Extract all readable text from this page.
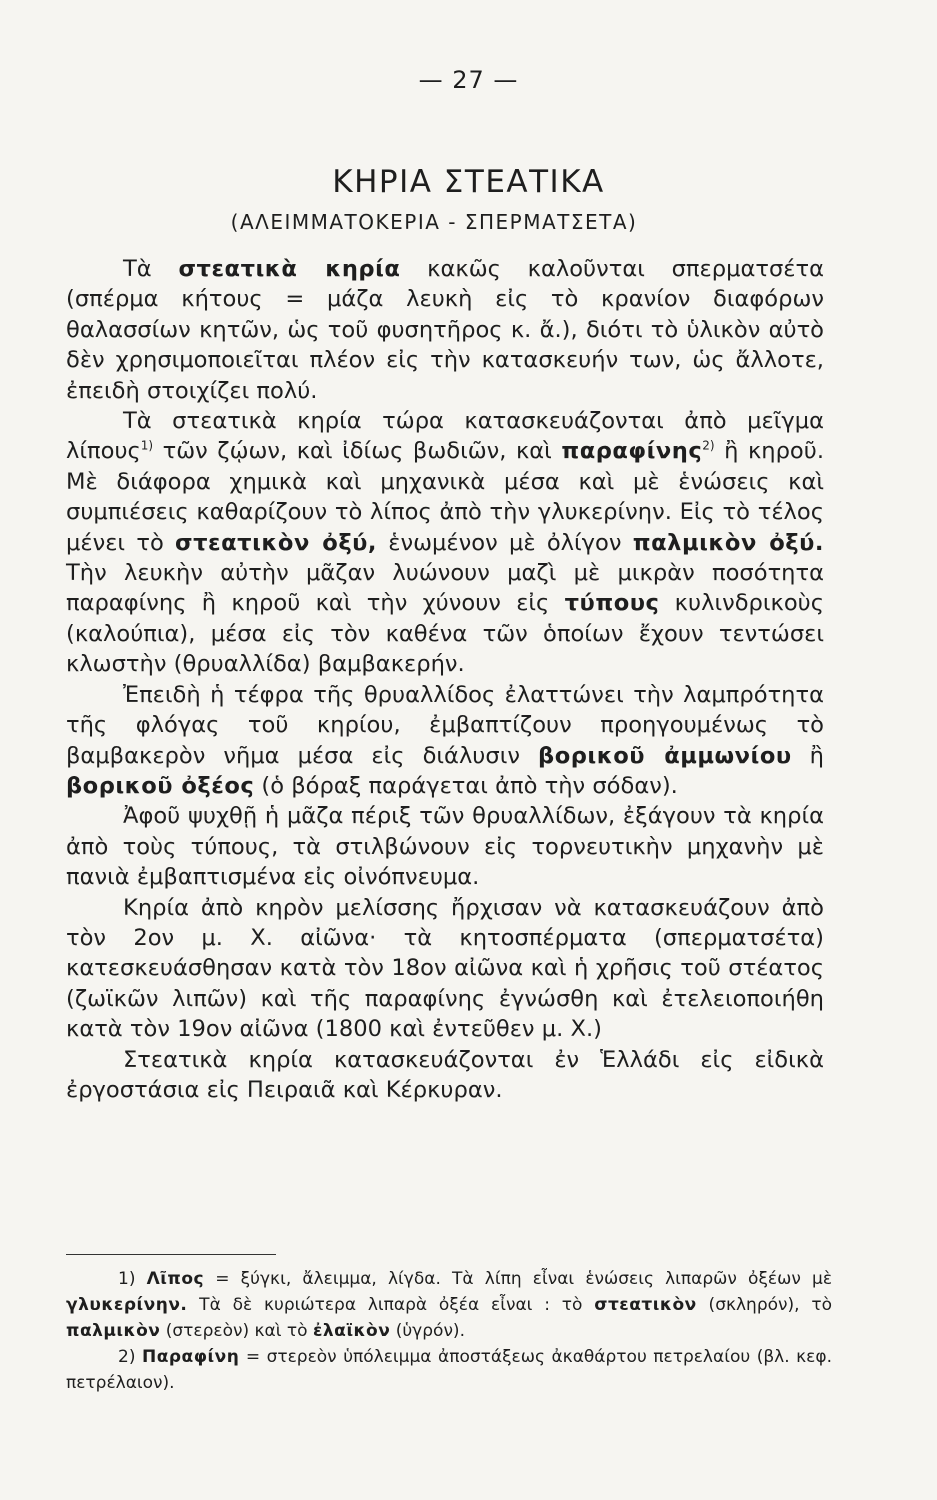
— 27 —
ΚΗΡΙΑ ΣΤΕΑΤΙΚΑ
(ΑΛΕΙΜΜΑΤΟΚΕΡΙΑ - ΣΠΕΡΜΑΤΣΕΤΑ)

Τὰ στεατικὰ κηρία κακῶς καλοῦνται σπερματσέτα (σπέρμα κήτους = μάζα λευκὴ εἰς τὸ κρανίον διαφόρων θαλασσίων κητῶν, ὡς τοῦ φυσητῆρος κ. ἄ.), διότι τὸ ὑλικὸν αὐτὸ δὲν χρησιμοποιεῖται πλέον εἰς τὴν κατασκευήν των, ὡς ἄλλοτε, ἐπειδὴ στοιχίζει πολύ.

Τὰ στεατικὰ κηρία τώρα κατασκευάζονται ἀπὸ μεῖγμα λίπους$^{1)}$ τῶν ζῴων, καὶ ἰδίως βωδιῶν, καὶ παραφίνης$^{2)}$ ἢ κηροῦ. Μὲ διάφορα χημικὰ καὶ μηχανικὰ μέσα καὶ μὲ ἑνώσεις καὶ συμπιέσεις καθαρίζουν τὸ λίπος ἀπὸ τὴν γλυκερίνην. Εἰς τὸ τέλος μένει τὸ στεατικὸν ὀξύ, ἑνωμένον μὲ ὀλίγον παλμικὸν ὀξύ. Τὴν λευκὴν αὐτὴν μᾶζαν λυώνουν μαζὶ μὲ μικρὰν ποσότητα παραφίνης ἢ κηροῦ καὶ τὴν χύνουν εἰς τύπους κυλινδρικοὺς (καλούπια), μέσα εἰς τὸν καθένα τῶν ὁποίων ἔχουν τεντώσει κλωστὴν (θρυαλλίδα) βαμβακερήν.

Ἐπειδὴ ἡ τέφρα τῆς θρυαλλίδος ἐλαττώνει τὴν λαμπρότητα τῆς φλόγας τοῦ κηρίου, ἐμβαπτίζουν προηγουμένως τὸ βαμβακερὸν νῆμα μέσα εἰς διάλυσιν βορικοῦ ἀμμωνίου ἢ βορικοῦ ὀξέος (ὁ βόραξ παράγεται ἀπὸ τὴν σόδαν).

Ἀφοῦ ψυχθῇ ἡ μᾶζα πέριξ τῶν θρυαλλίδων, ἐξάγουν τὰ κηρία ἀπὸ τοὺς τύπους, τὰ στιλβώνουν εἰς τορνευτικὴν μηχανὴν μὲ πανιὰ ἐμβαπτισμένα εἰς οἰνόπνευμα.

Κηρία ἀπὸ κηρὸν μελίσσης ἤρχισαν νὰ κατασκευάζουν ἀπὸ τὸν 2ον μ. Χ. αἰῶνα· τὰ κητοσπέρματα (σπερματσέτα) κατεσκευάσθησαν κατὰ τὸν 18ον αἰῶνα καὶ ἡ χρῆσις τοῦ στέατος (ζωϊκῶν λιπῶν) καὶ τῆς παραφίνης ἐγνώσθη καὶ ἐτελειοποιήθη κατὰ τὸν 19ον αἰῶνα (1800 καὶ ἐντεῦθεν μ. Χ.)

Στεατικὰ κηρία κατασκευάζονται ἐν Ἑλλάδι εἰς εἰδικὰ ἐργοστάσια εἰς Πειραιᾶ καὶ Κέρκυραν.

1) Λῖπος = ξύγκι, ἄλειμμα, λίγδα. Τὰ λίπη εἶναι ἑνώσεις λιπαρῶν ὀξέων μὲ γλυκερίνην. Τὰ δὲ κυριώτερα λιπαρὰ ὀξέα εἶναι : τὸ στεατικὸν (σκληρόν), τὸ παλμικὸν (στερεὸν) καὶ τὸ ἐλαϊκὸν (ὑγρόν).

2) Παραφίνη = στερεὸν ὑπόλειμμα ἀποστάξεως ἀκαθάρτου πετρελαίου (βλ. κεφ. πετρέλαιον).
